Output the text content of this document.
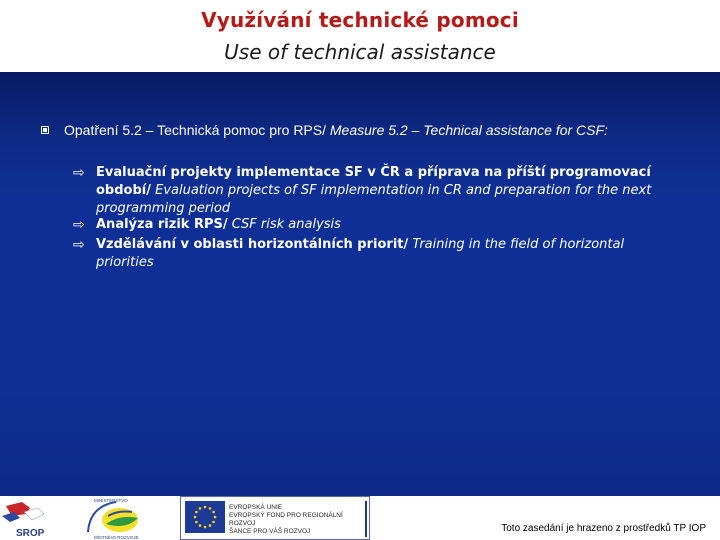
Využívání technické pomoci
Use of technical assistance
Opatření 5.2 – Technická pomoc pro RPS/ Measure 5.2 – Technical assistance for CSF:
⇨ Evaluační projekty implementace SF v ČR a příprava na příští programovací období/ Evaluation projects of SF implementation in CR and preparation for the next programming period
⇨ Analýza rizik RPS/ CSF risk analysis
⇨ Vzdělávání v oblasti horizontálních priorit/ Training in the field of horizontal priorities
SROP
MINISTERSTVO
MÍSTNÍHO ROZVOJE
EVROPSKÁ UNIE
EVROPSKÝ FOND PRO REGIONÁLNÍ ROZVOJ
ŠANCE PRO VÁŠ ROZVOJ	Toto zasedání je hrazeno z prostředků TP IOP
